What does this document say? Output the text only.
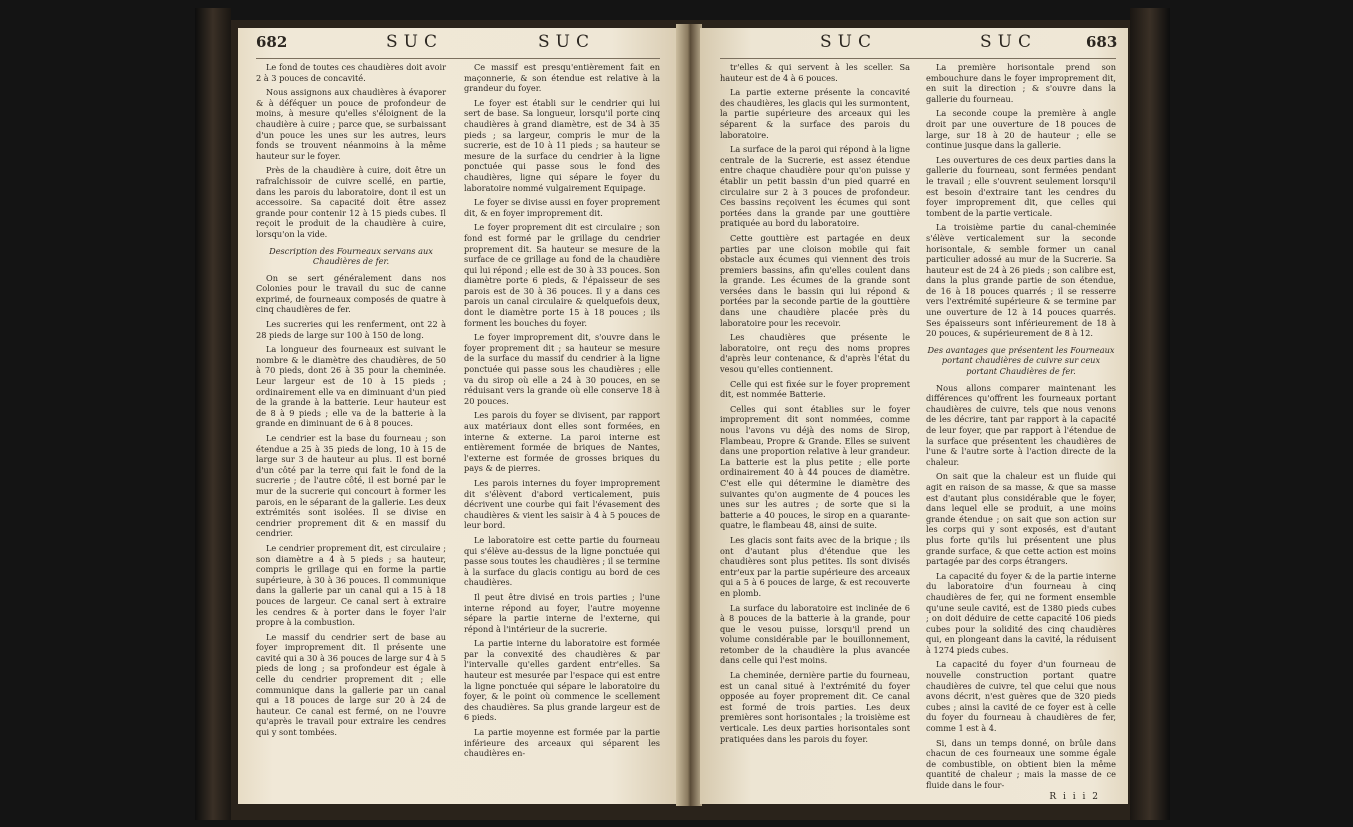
682	SUC	SUC

Le fond de toutes ces chaudières doit avoir 2 à 3 pouces de concavité.

Nous assignons aux chaudières à évaporer & à déféquer un pouce de profondeur de moins, à mesure qu'elles s'éloignent de la chaudière à cuire ; parce que, se surbaissant d'un pouce les unes sur les autres, leurs fonds se trouvent néanmoins à la même hauteur sur le foyer.

Près de la chaudière à cuire, doit être un rafraîchissoir de cuivre scellé, en partie, dans les parois du laboratoire, dont il est un accessoire. Sa capacité doit être assez grande pour contenir 12 à 15 pieds cubes. Il reçoit le produit de la chaudière à cuire, lorsqu'on la vide.

Description des Fourneaux servans aux Chaudières de fer.

On se sert généralement dans nos Colonies pour le travail du suc de canne exprimé, de fourneaux composés de quatre à cinq chaudières de fer.

Les sucreries qui les renferment, ont 22 à 28 pieds de large sur 100 à 150 de long.

La longueur des fourneaux est suivant le nombre & le diamètre des chaudières, de 50 à 70 pieds, dont 26 à 35 pour la cheminée. Leur largeur est de 10 à 15 pieds ; ordinairement elle va en diminuant d'un pied de la grande à la batterie. Leur hauteur est de 8 à 9 pieds ; elle va de la batterie à la grande en diminuant de 6 à 8 pouces.

Le cendrier est la base du fourneau ; son étendue a 25 à 35 pieds de long, 10 à 15 de large sur 3 de hauteur au plus. Il est borné d'un côté par la terre qui fait le fond de la sucrerie ; de l'autre côté, il est borné par le mur de la sucrerie qui concourt à former les parois, en le séparant de la gallerie. Les deux extrémités sont isolées. Il se divise en cendrier proprement dit & en massif du cendrier.

Le cendrier proprement dit, est circulaire ; son diamètre a 4 à 5 pieds ; sa hauteur, compris le grillage qui en forme la partie supérieure, à 30 à 36 pouces. Il communique dans la gallerie par un canal qui a 15 à 18 pouces de largeur. Ce canal sert à extraire les cendres & à porter dans le foyer l'air propre à la combustion.

Le massif du cendrier sert de base au foyer improprement dit. Il présente une cavité qui a 30 à 36 pouces de large sur 4 à 5 pieds de long ; sa profondeur est égale à celle du cendrier proprement dit ; elle communique dans la gallerie par un canal qui a 18 pouces de large sur 20 à 24 de hauteur. Ce canal est fermé, on ne l'ouvre qu'après le travail pour extraire les cendres qui y sont tombées.

Ce massif est presqu'entièrement fait en maçonnerie, & son étendue est relative à la grandeur du foyer.

Le foyer est établi sur le cendrier qui lui sert de base. Sa longueur, lorsqu'il porte cinq chaudières à grand diamètre, est de 34 à 35 pieds ; sa largeur, compris le mur de la sucrerie, est de 10 à 11 pieds ; sa hauteur se mesure de la surface du cendrier à la ligne ponctuée qui passe sous le fond des chaudières, ligne qui sépare le foyer du laboratoire nommé vulgairement Equipage.

Le foyer se divise aussi en foyer proprement dit, & en foyer improprement dit.

Le foyer proprement dit est circulaire ; son fond est formé par le grillage du cendrier proprement dit. Sa hauteur se mesure de la surface de ce grillage au fond de la chaudière qui lui répond ; elle est de 30 à 33 pouces. Son diamètre porte 6 pieds, & l'épaisseur de ses parois est de 30 à 36 pouces. Il y a dans ces parois un canal circulaire & quelquefois deux, dont le diamètre porte 15 à 18 pouces ; ils forment les bouches du foyer.

Le foyer improprement dit, s'ouvre dans le foyer proprement dit ; sa hauteur se mesure de la surface du massif du cendrier à la ligne ponctuée qui passe sous les chaudières ; elle va du sirop où elle a 24 à 30 pouces, en se réduisant vers la grande où elle conserve 18 à 20 pouces.

Les parois du foyer se divisent, par rapport aux matériaux dont elles sont formées, en interne & externe. La paroi interne est entièrement formée de briques de Nantes, l'externe est formée de grosses briques du pays & de pierres.

Les parois internes du foyer improprement dit s'élèvent d'abord verticalement, puis décrivent une courbe qui fait l'évasement des chaudières & vient les saisir à 4 à 5 pouces de leur bord.

Le laboratoire est cette partie du fourneau qui s'élève au-dessus de la ligne ponctuée qui passe sous toutes les chaudières ; il se termine à la surface du glacis contigu au bord de ces chaudières.

Il peut être divisé en trois parties ; l'une interne répond au foyer, l'autre moyenne sépare la partie interne de l'externe, qui répond à l'intérieur de la sucrerie.

La partie interne du laboratoire est formée par la convexité des chaudières & par l'intervalle qu'elles gardent entr'elles. Sa hauteur est mesurée par l'espace qui est entre la ligne ponctuée qui sépare le laboratoire du foyer, & le point où commence le scellement des chaudières. Sa plus grande largeur est de 6 pieds.

La partie moyenne est formée par la partie inférieure des arceaux qui séparent les chaudières en-

SUC	SUC	683

tr'elles & qui servent à les sceller. Sa hauteur est de 4 à 6 pouces.

La partie externe présente la concavité des chaudières, les glacis qui les surmontent, la partie supérieure des arceaux qui les séparent & la surface des parois du laboratoire.

La surface de la paroi qui répond à la ligne centrale de la Sucrerie, est assez étendue entre chaque chaudière pour qu'on puisse y établir un petit bassin d'un pied quarré en circulaire sur 2 à 3 pouces de profondeur. Ces bassins reçoivent les écumes qui sont portées dans la grande par une gouttière pratiquée au bord du laboratoire.

Cette gouttière est partagée en deux parties par une cloison mobile qui fait obstacle aux écumes qui viennent des trois premiers bassins, afin qu'elles coulent dans la grande. Les écumes de la grande sont versées dans le bassin qui lui répond & portées par la seconde partie de la gouttière dans une chaudière placée près du laboratoire pour les recevoir.

Les chaudières que présente le laboratoire, ont reçu des noms propres d'après leur contenance, & d'après l'état du vesou qu'elles contiennent.

Celle qui est fixée sur le foyer proprement dit, est nommée Batterie.

Celles qui sont établies sur le foyer improprement dit sont nommées, comme nous l'avons vu déjà des noms de Sirop, Flambeau, Propre & Grande. Elles se suivent dans une proportion relative à leur grandeur. La batterie est la plus petite ; elle porte ordinairement 40 à 44 pouces de diamètre. C'est elle qui détermine le diamètre des suivantes qu'on augmente de 4 pouces les unes sur les autres ; de sorte que si la batterie a 40 pouces, le sirop en a quarante-quatre, le flambeau 48, ainsi de suite.

Les glacis sont faits avec de la brique ; ils ont d'autant plus d'étendue que les chaudières sont plus petites. Ils sont divisés entr'eux par la partie supérieure des arceaux qui a 5 à 6 pouces de large, & est recouverte en plomb.

La surface du laboratoire est inclinée de 6 à 8 pouces de la batterie à la grande, pour que le vesou puisse, lorsqu'il prend un volume considérable par le bouillonnement, retomber de la chaudière la plus avancée dans celle qui l'est moins.

La cheminée, dernière partie du fourneau, est un canal situé à l'extrémité du foyer opposée au foyer proprement dit. Ce canal est formé de trois parties. Les deux premières sont horisontales ; la troisième est verticale. Les deux parties horisontales sont pratiquées dans les parois du foyer.

La première horisontale prend son embouchure dans le foyer improprement dit, en suit la direction ; & s'ouvre dans la gallerie du fourneau.

La seconde coupe la première à angle droit par une ouverture de 18 pouces de large, sur 18 à 20 de hauteur ; elle se continue jusque dans la gallerie.

Les ouvertures de ces deux parties dans la gallerie du fourneau, sont fermées pendant le travail ; elle s'ouvrent seulement lorsqu'il est besoin d'extraire tant les cendres du foyer improprement dit, que celles qui tombent de la partie verticale.

La troisième partie du canal-cheminée s'élève verticalement sur la seconde horisontale, & semble former un canal particulier adossé au mur de la Sucrerie. Sa hauteur est de 24 à 26 pieds ; son calibre est, dans la plus grande partie de son étendue, de 16 à 18 pouces quarrés ; il se resserre vers l'extrémité supérieure & se termine par une ouverture de 12 à 14 pouces quarrés. Ses épaisseurs sont inférieurement de 18 à 20 pouces, & supérieurement de 8 à 12.

Des avantages que présentent les Fourneaux portant chaudières de cuivre sur ceux portant Chaudières de fer.

Nous allons comparer maintenant les différences qu'offrent les fourneaux portant chaudières de cuivre, tels que nous venons de les décrire, tant par rapport à la capacité de leur foyer, que par rapport à l'étendue de la surface que présentent les chaudières de l'une & l'autre sorte à l'action directe de la chaleur.

On sait que la chaleur est un fluide qui agit en raison de sa masse, & que sa masse est d'autant plus considérable que le foyer, dans lequel elle se produit, a une moins grande étendue ; on sait que son action sur les corps qui y sont exposés, est d'autant plus forte qu'ils lui présentent une plus grande surface, & que cette action est moins partagée par des corps étrangers.

La capacité du foyer & de la partie interne du laboratoire d'un fourneau à cinq chaudières de fer, qui ne forment ensemble qu'une seule cavité, est de 1380 pieds cubes ; on doit déduire de cette capacité 106 pieds cubes pour la solidité des cinq chaudières qui, en plongeant dans la cavité, la réduisent à 1274 pieds cubes.

La capacité du foyer d'un fourneau de nouvelle construction portant quatre chaudières de cuivre, tel que celui que nous avons décrit, n'est guères que de 320 pieds cubes ; ainsi la cavité de ce foyer est à celle du foyer du fourneau à chaudières de fer, comme 1 est à 4.

Si, dans un temps donné, on brûle dans chacun de ces fourneaux une somme égale de combustible, on obtient bien la même quantité de chaleur ; mais la masse de ce fluide dans le four-

R i i i 2
